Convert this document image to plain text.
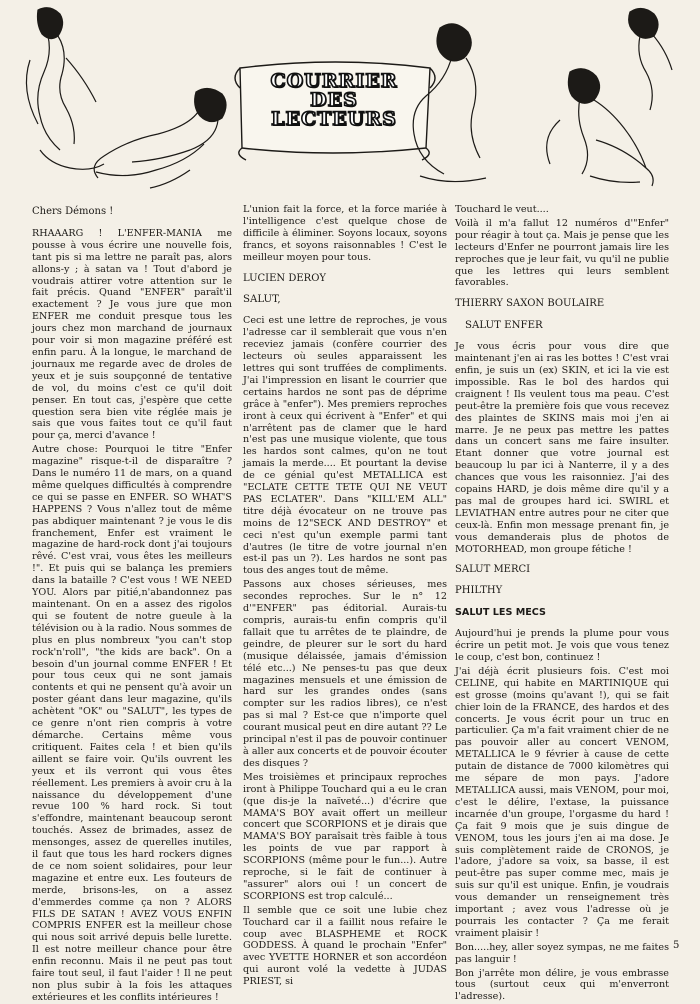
COURRIER
DES
LECTEURS

Chers Démons !

RHAAARG ! L'ENFER-MANIA me pousse à vous écrire une nouvelle fois, tant pis si ma lettre ne paraît pas, alors allons-y ; à satan va ! Tout d'abord je voudrais attirer votre attention sur le fait précis. Quand "ENFER" paraît'il exactement ? Je vous jure que mon ENFER me conduit presque tous les jours chez mon marchand de journaux pour voir si mon magazine préféré est enfin paru. À la longue, le marchand de journaux me regarde avec de droles de yeux et je suis soupçonné de tentative de vol, du moins c'est ce qu'il doit penser. En tout cas, j'espère que cette question sera bien vite réglée mais je sais que vous faites tout ce qu'il faut pour ça, merci d'avance !

Autre chose: Pourquoi le titre "Enfer magazine" risque-t-il de disparaître ? Dans le numéro 11 de mars, on a quand même quelques difficultés à comprendre ce qui se passe en ENFER. SO WHAT'S HAPPENS ? Vous n'allez tout de même pas abdiquer maintenant ? je vous le dis franchement, Enfer est vraiment le magazine de hard-rock dont j'ai toujours rêvé. C'est vrai, vous êtes les meilleurs !". Et puis qui se balança les premiers dans la bataille ? C'est vous ! WE NEED YOU. Alors par pitié,n'abandonnez pas maintenant. On en a assez des rigolos qui se foutent de notre gueule à la télévision ou à la radio. Nous sommes de plus en plus nombreux "you can't stop rock'n'roll", "the kids are back". On a besoin d'un journal comme ENFER ! Et pour tous ceux qui ne sont jamais contents et qui ne pensent qu'à avoir un poster géant dans leur magazine, qu'ils achètent "OK" ou "SALUT", les types de ce genre n'ont rien compris à votre démarche. Certains même vous critiquent. Faites cela ! et bien qu'ils aillent se faire voir. Qu'ils ouvrent les yeux et ils verront qui vous êtes réellement. Les premiers à avoir cru à la naissance du développement d'une revue 100 % hard rock. Si tout s'effondre, maintenant beaucoup seront touchés. Assez de brimades, assez de mensonges, assez de querelles inutiles, il faut que tous les hard rockers dignes de ce nom soient solidaires, pour leur magazine et entre eux. Les fouteurs de merde, brisons-les, on a assez d'emmerdes comme ça non ? ALORS FILS DE SATAN ! AVEZ VOUS ENFIN COMPRIS ENFER est la meilleur chose qui nous soit arrivé depuis belle lurette. Il est notre meilleur chance pour être enfin reconnu. Mais il ne peut pas tout faire tout seul, il faut l'aider ! Il ne peut non plus subir à la fois les attaques extérieures et les conflits intérieures !

L'union fait la force, et la force mariée à l'intelligence c'est quelque chose de difficile à éliminer. Soyons locaux, soyons francs, et soyons raisonnables ! C'est le meilleur moyen pour tous.

LUCIEN DEROY

SALUT,

Ceci est une lettre de reproches, je vous l'adresse car il semblerait que vous n'en receviez jamais (confère courrier des lecteurs où seules apparaissent les lettres qui sont truffées de compliments. J'ai l'impression en lisant le courrier que certains hardos ne sont pas de déprime grâce à "enfer"). Mes premiers reproches iront à ceux qui écrivent à "Enfer" et qui n'arrêtent pas de clamer que le hard n'est pas une musique violente, que tous les hardos sont calmes, qu'on ne tout jamais la merde.... Et pourtant la devise de ce génial qu'est METALLICA est "ECLATE CETTE TETE QUI NE VEUT PAS ECLATER". Dans "KILL'EM ALL" titre déjà évocateur on ne trouve pas moins de 12"SECK AND DESTROY" et ceci n'est qu'un exemple parmi tant d'autres (le titre de votre journal n'en est-il pas un ?). Les hardos ne sont pas tous des anges tout de même.

Passons aux choses sérieuses, mes secondes reproches. Sur le n° 12 d'"ENFER" pas éditorial. Aurais-tu compris, aurais-tu enfin compris qu'il fallait que tu arrêtes de te plaindre, de geindre, de pleurer sur le sort du hard (musique délaissée, jamais d'émission télé etc...) Ne penses-tu pas que deux magazines mensuels et une émission de hard sur les grandes ondes (sans compter sur les radios libres), ce n'est pas si mal ? Est-ce que n'importe quel courant musical peut en dire autant ?? Le principal n'est il pas de pouvoir continuer à aller aux concerts et de pouvoir écouter des disques ?

Mes troisièmes et principaux reproches iront à Philippe Touchard qui a eu le cran (que dis-je la naïveté...) d'écrire que MAMA'S BOY avait offert un meilleur concert que SCORPIONS et je dirais que MAMA'S BOY paraîsait très faible à tous les points de vue par rapport à SCORPIONS (même pour le fun...). Autre reproche, si le fait de continuer à "assurer" alors oui ! un concert de SCORPIONS est trop calculé...

Il semble que ce soit une lubie chez Touchard car il a faillit nous refaire le coup avec BLASPHEME et ROCK GODDESS. À quand le prochain "Enfer" avec YVETTE HORNER et son accordéon qui auront volé la vedette à JUDAS PRIEST, si

Touchard le veut....

Voilà il m'a fallut 12 numéros d'"Enfer" pour réagir à tout ça. Mais je pense que les lecteurs d'Enfer ne pourront jamais lire les reproches que je leur fait, vu qu'il ne publie que les lettres qui leurs semblent favorables.

THIERRY SAXON BOULAIRE

SALUT ENFER

Je vous écris pour vous dire que maintenant j'en ai ras les bottes ! C'est vrai enfin, je suis un (ex) SKIN, et ici la vie est impossible. Ras le bol des hardos qui craignent ! Ils veulent tous ma peau. C'est peut-être la première fois que vous recevez des plaintes de SKINS mais moi j'en ai marre. Je ne peux pas mettre les pattes dans un concert sans me faire insulter. Etant donner que votre journal est beaucoup lu par ici à Nanterre, il y a des chances que vous les raisonniez. J'ai des copains HARD, je dois même dire qu'il y a pas mal de groupes hard ici. SWIRL et LEVIATHAN entre autres pour ne citer que ceux-là. Enfin mon message prenant fin, je vous demanderais plus de photos de MOTORHEAD, mon groupe fétiche !

SALUT MERCI

PHILTHY

SALUT LES MECS

Aujourd'hui je prends la plume pour vous écrire un petit mot. Je vois que vous tenez le coup, c'est bon, continuez !

J'ai déjà écrit plusieurs fois. C'est moi CELINE, qui habite en MARTINIQUE qui est grosse (moins qu'avant !), qui se fait chier loin de la FRANCE, des hardos et des concerts. Je vous écrit pour un truc en particulier. Ça m'a fait vraiment chier de ne pas pouvoir aller au concert VENOM, METALLICA le 9 février à cause de cette putain de distance de 7000 kilomètres qui me sépare de mon pays. J'adore METALLICA aussi, mais VENOM, pour moi, c'est le délire, l'extase, la puissance incarnée d'un groupe, l'orgasme du hard ! Ça fait 9 mois que je suis dingue de VENOM, tous les jours j'en ai ma dose. Je suis complètement raide de CRONOS, je l'adore, j'adore sa voix, sa basse, il est peut-être pas super comme mec, mais je suis sur qu'il est unique. Enfin, je voudrais vous demander un renseignement très important ; avez vous l'adresse où je pourrais les contacter ? Ça me ferait vraiment plaisir !

Bon.....hey, aller soyez sympas, ne me faites pas languir !

Bon j'arrête mon délire, je vous embrasse tous (surtout ceux qui m'enverront l'adresse).

5
